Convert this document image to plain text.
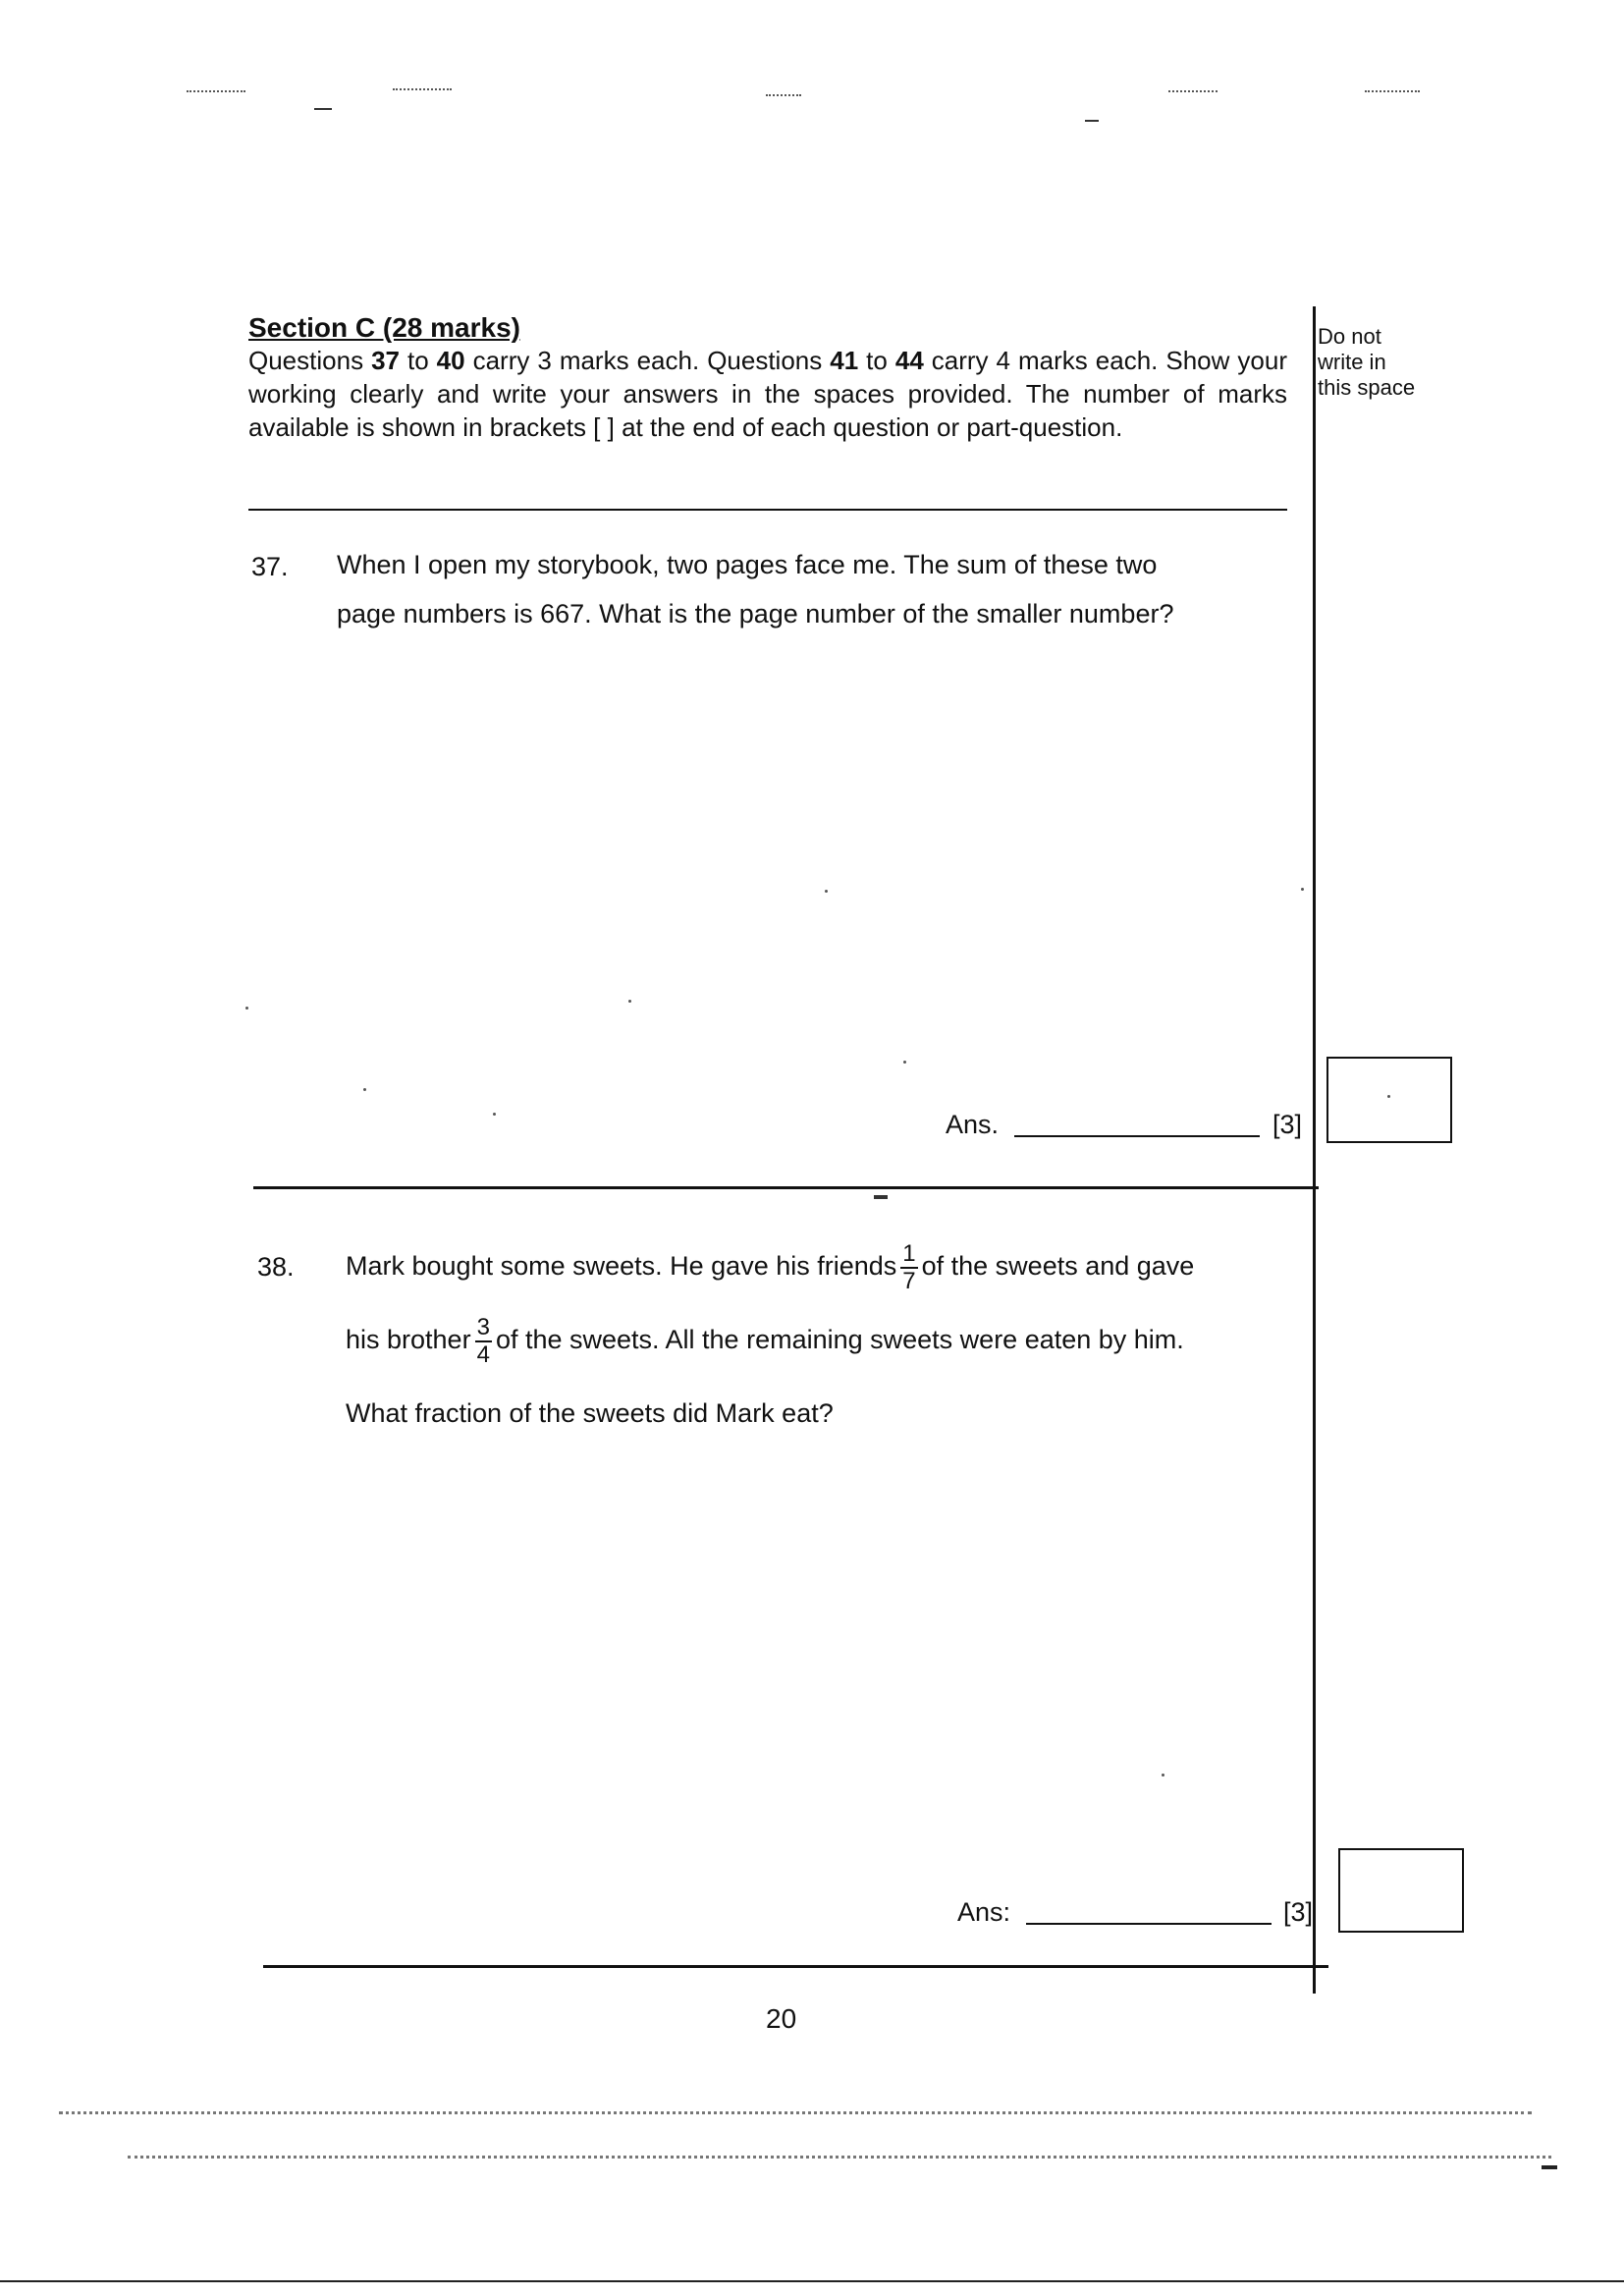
Section C (28 marks)
Questions 37 to 40 carry 3 marks each. Questions 41 to 44 carry 4 marks each. Show your working clearly and write your answers in the spaces provided. The number of marks available is shown in brackets [ ] at the end of each question or part-question.
Do not
write in
this space
37. When I open my storybook, two pages face me. The sum of these two
page numbers is 667. What is the page number of the smaller number?
Ans.	[3]
38. Mark bought some sweets. He gave his friends $\frac{1}{7}$ of the sweets and gave
his brother $\frac{3}{4}$ of the sweets. All the remaining sweets were eaten by him.
What fraction of the sweets did Mark eat?
Ans:	[3]
20
